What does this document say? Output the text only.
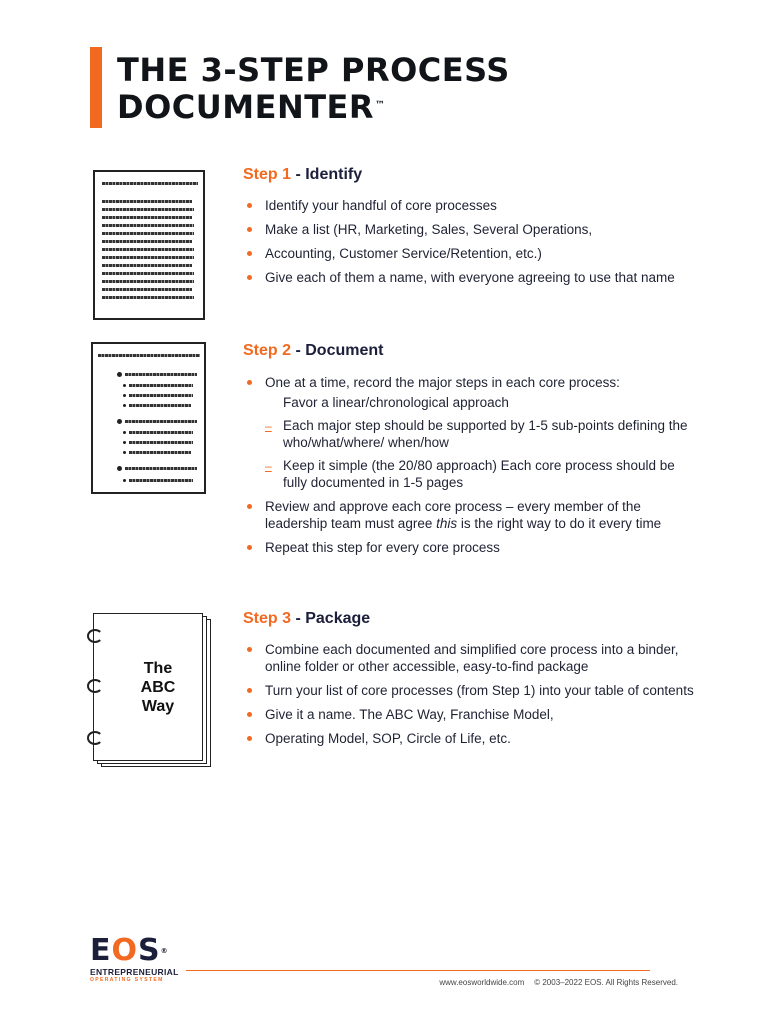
THE 3-STEP PROCESS
DOCUMENTER™
Step 1 - Identify
Identify your handful of core processes
Make a list (HR, Marketing, Sales, Several Operations,
Accounting, Customer Service/Retention, etc.)
Give each of them a name, with everyone agreeing to use that name
Step 2 - Document
One at a time, record the major steps in each core process:
Favor a linear/chronological approach
– Each major step should be supported by 1-5 sub-points defining the who/what/where/ when/how
– Keep it simple (the 20/80 approach) Each core process should be fully documented in 1-5 pages
Review and approve each core process – every member of the leadership team must agree this is the right way to do it every time
Repeat this step for every core process
The
ABC
Way
Step 3 - Package
Combine each documented and simplified core process into a binder, online folder or other accessible, easy-to-find package
Turn your list of core processes (from Step 1) into your table of contents
Give it a name. The ABC Way, Franchise Model,
Operating Model, SOP, Circle of Life, etc.
EOS®
ENTREPRENEURIAL
OPERATING SYSTEM	www.eosworldwide.com © 2003–2022 EOS. All Rights Reserved.
